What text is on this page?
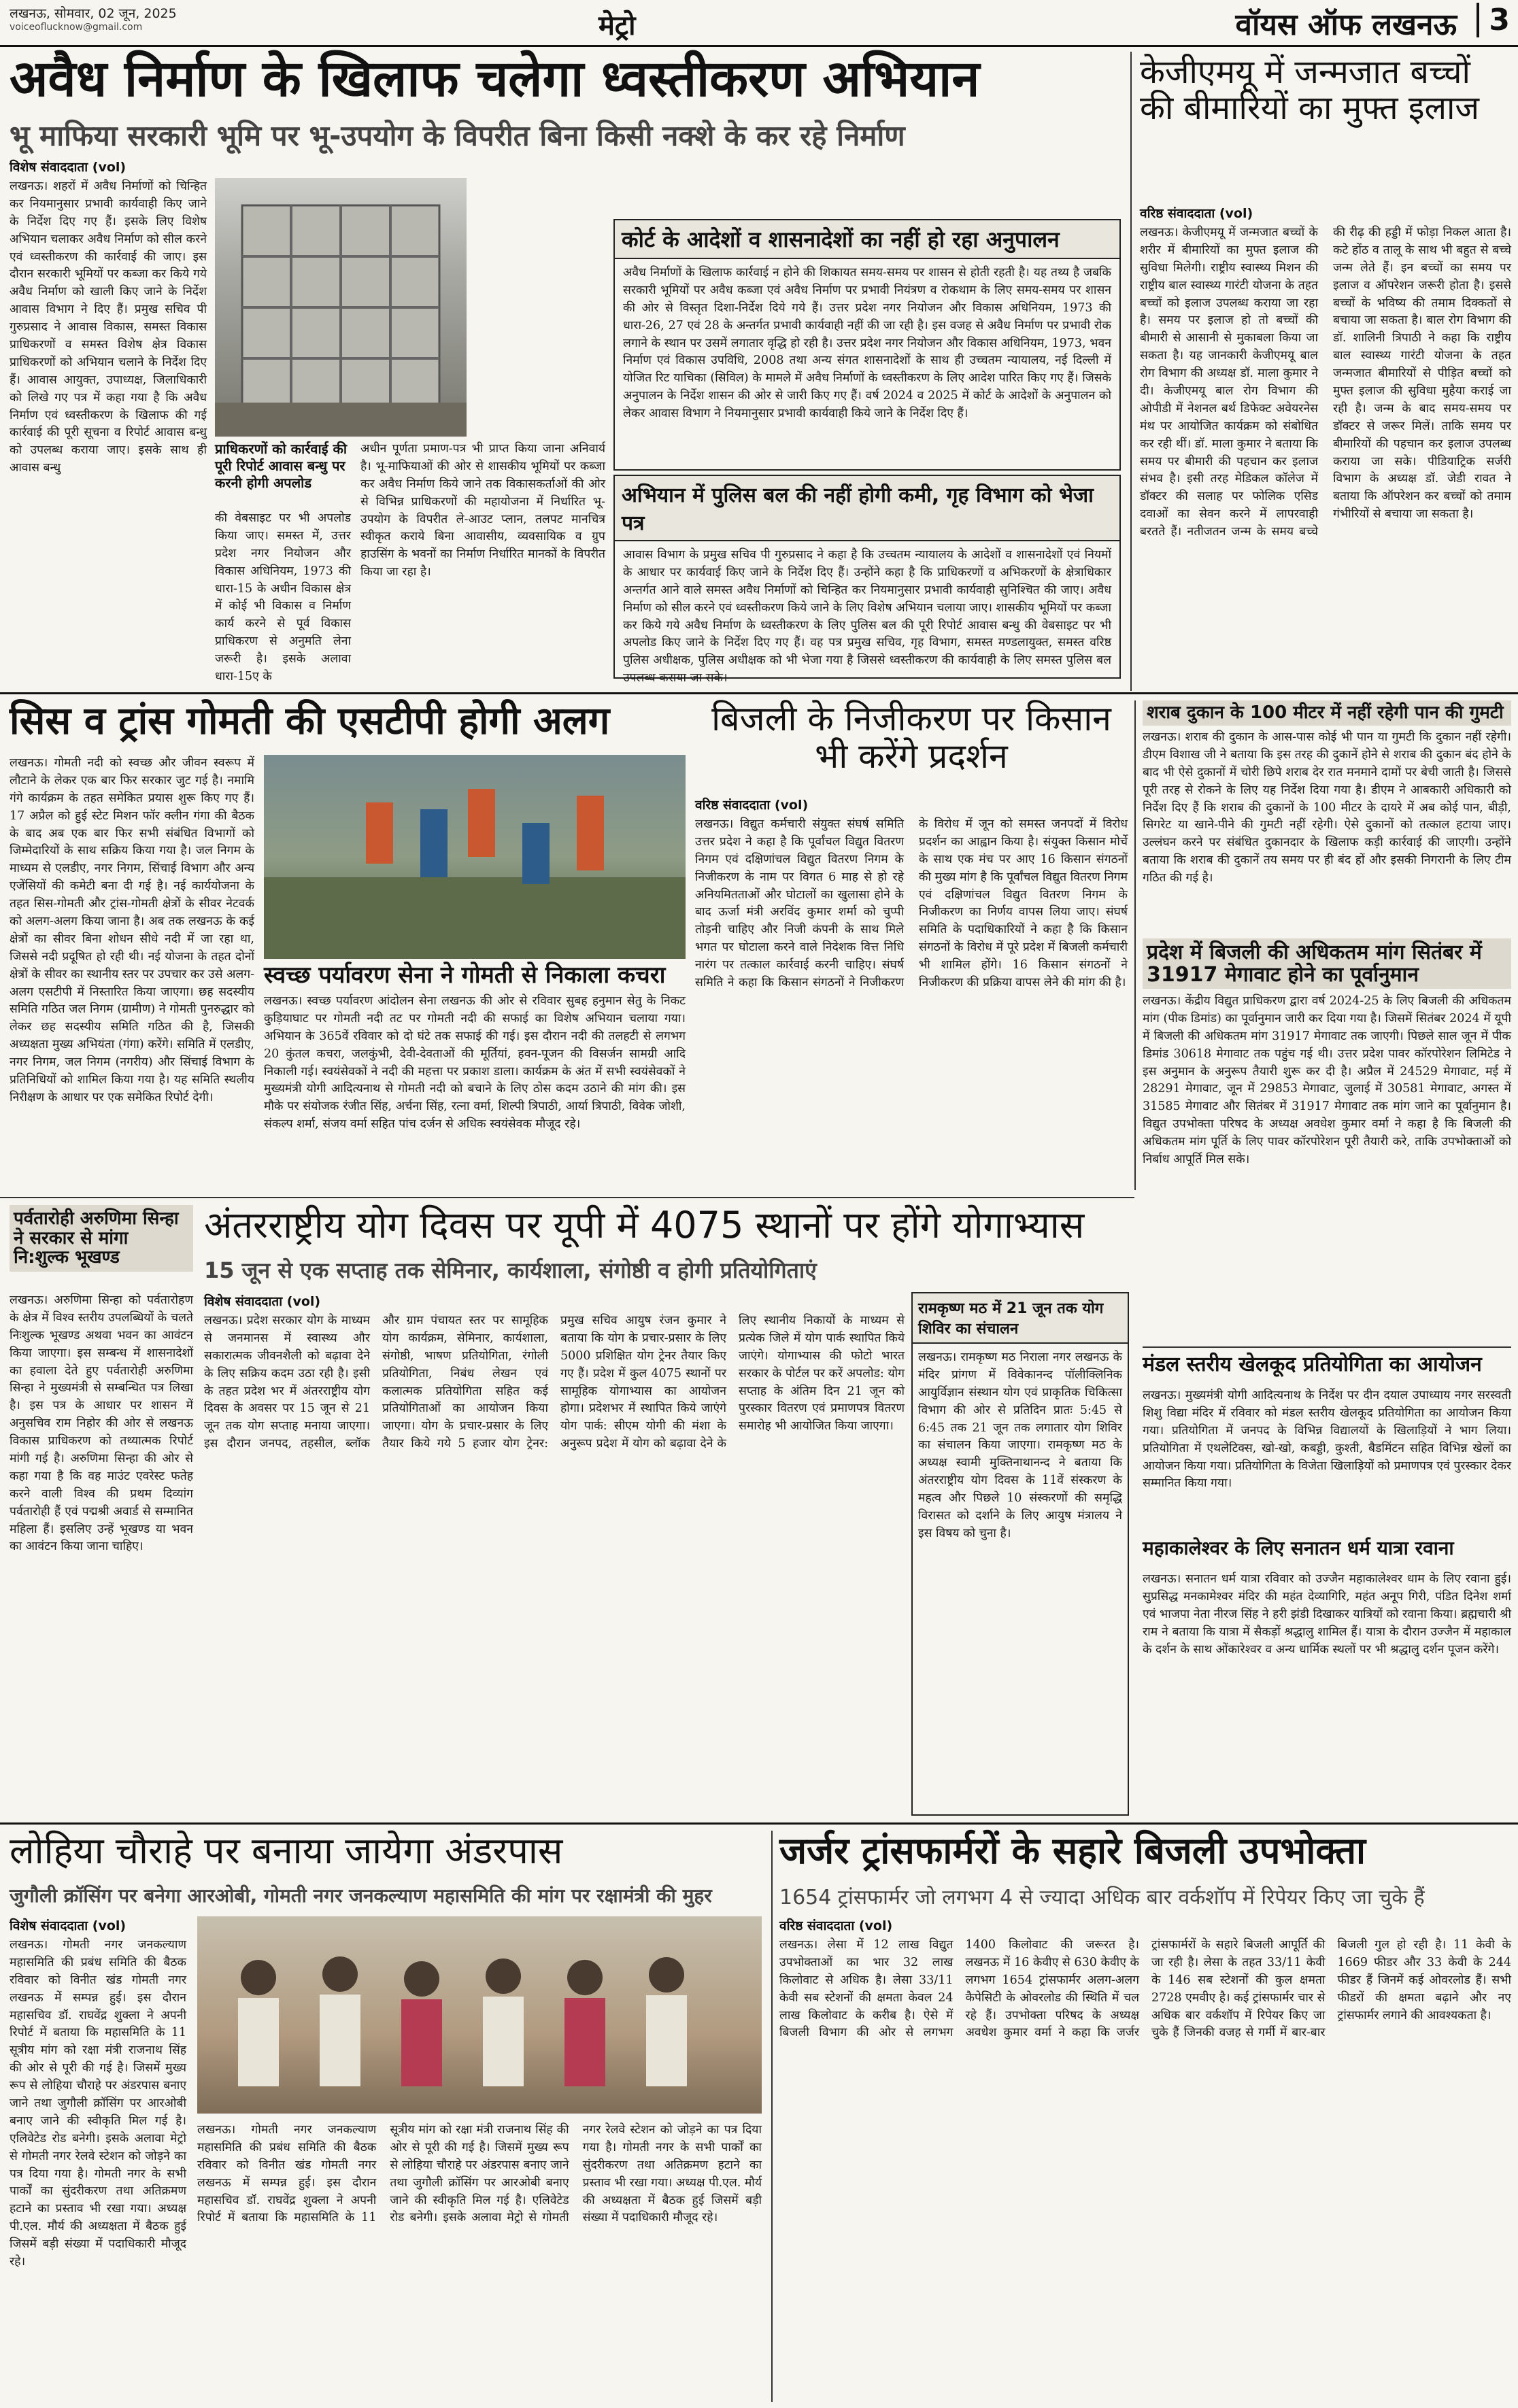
लखनऊ, सोमवार, 02 जून, 2025
voiceoflucknow@gmail.com	मेट्रो	वॉयस ऑफ लखनऊ	3
अवैध निर्माण के खिलाफ चलेगा ध्वस्तीकरण अभियान
भू माफिया सरकारी भूमि पर भू-उपयोग के विपरीत बिना किसी नक्शे के कर रहे निर्माण
विशेष संवाददाता (vol)
लखनऊ। शहरों में अवैध निर्माणों को चिन्हित कर नियमानुसार प्रभावी कार्यवाही किए जाने के निर्देश दिए गए हैं। इसके लिए विशेष अभियान चलाकर अवैध निर्माण को सील करने एवं ध्वस्तीकरण की कार्रवाई की जाए। इस दौरान सरकारी भूमियों पर कब्जा कर किये गये अवैध निर्माण को खाली किए जाने के निर्देश आवास विभाग ने दिए हैं। प्रमुख सचिव पी गुरुप्रसाद ने आवास विकास, समस्त विकास प्राधिकरणों व समस्त विशेष क्षेत्र विकास प्राधिकरणों को अभियान चलाने के निर्देश दिए हैं। आवास आयुक्त, उपाध्यक्ष, जिलाधिकारी को लिखे गए पत्र में कहा गया है कि अवैध निर्माण एवं ध्वस्तीकरण के खिलाफ की गई कार्रवाई की पूरी सूचना व रिपोर्ट आवास बन्धु को उपलब्ध कराया जाए। इसके साथ ही आवास बन्धु
प्राधिकरणों को कार्रवाई की पूरी रिपोर्ट आवास बन्धु पर करनी होगी अपलोड
की वेबसाइट पर भी अपलोड किया जाए। समस्त में, उत्तर प्रदेश नगर नियोजन और विकास अधिनियम, 1973 की धारा-15 के अधीन विकास क्षेत्र में कोई भी विकास व निर्माण कार्य करने से पूर्व विकास प्राधिकरण से अनुमति लेना जरूरी है। इसके अलावा धारा-15ए के
अधीन पूर्णता प्रमाण-पत्र भी प्राप्त किया जाना अनिवार्य है। भू-माफियाओं की ओर से शासकीय भूमियों पर कब्जा कर अवैध निर्माण किये जाने तक विकासकर्ताओं की ओर से विभिन्न प्राधिकरणों की महायोजना में निर्धारित भू-उपयोग के विपरीत ले-आउट प्लान, तलपट मानचित्र स्वीकृत कराये बिना आवासीय, व्यवसायिक व ग्रुप हाउसिंग के भवनों का निर्माण निर्धारित मानकों के विपरीत किया जा रहा है।
कोर्ट के आदेशों व शासनादेशों का नहीं हो रहा अनुपालन
अवैध निर्माणों के खिलाफ कार्रवाई न होने की शिकायत समय-समय पर शासन से होती रहती है। यह तथ्य है जबकि सरकारी भूमियों पर अवैध कब्जा एवं अवैध निर्माण पर प्रभावी नियंत्रण व रोकथाम के लिए समय-समय पर शासन की ओर से विस्तृत दिशा-निर्देश दिये गये हैं। उत्तर प्रदेश नगर नियोजन और विकास अधिनियम, 1973 की धारा-26, 27 एवं 28 के अन्तर्गत प्रभावी कार्यवाही नहीं की जा रही है। इस वजह से अवैध निर्माण पर प्रभावी रोक लगाने के स्थान पर उसमें लगातार वृद्धि हो रही है। उत्तर प्रदेश नगर नियोजन और विकास अधिनियम, 1973, भवन निर्माण एवं विकास उपविधि, 2008 तथा अन्य संगत शासनादेशों के साथ ही उच्चतम न्यायालय, नई दिल्ली में योजित रिट याचिका (सिविल) के मामले में अवैध निर्माणों के ध्वस्तीकरण के लिए आदेश पारित किए गए हैं। जिसके अनुपालन के निर्देश शासन की ओर से जारी किए गए हैं। वर्ष 2024 व 2025 में कोर्ट के आदेशों के अनुपालन को लेकर आवास विभाग ने नियमानुसार प्रभावी कार्यवाही किये जाने के निर्देश दिए हैं।
अभियान में पुलिस बल की नहीं होगी कमी, गृह विभाग को भेजा पत्र
आवास विभाग के प्रमुख सचिव पी गुरुप्रसाद ने कहा है कि उच्चतम न्यायालय के आदेशों व शासनादेशों एवं नियमों के आधार पर कार्यवाई किए जाने के निर्देश दिए हैं। उन्होंने कहा है कि प्राधिकरणों व अभिकरणों के क्षेत्राधिकार अन्तर्गत आने वाले समस्त अवैध निर्माणों को चिन्हित कर नियमानुसार प्रभावी कार्यवाही सुनिश्चित की जाए। अवैध निर्माण को सील करने एवं ध्वस्तीकरण किये जाने के लिए विशेष अभियान चलाया जाए। शासकीय भूमियों पर कब्जा कर किये गये अवैध निर्माण के ध्वस्तीकरण के लिए पुलिस बल की पूरी रिपोर्ट आवास बन्धु की वेबसाइट पर भी अपलोड किए जाने के निर्देश दिए गए हैं। वह पत्र प्रमुख सचिव, गृह विभाग, समस्त मण्डलायुक्त, समस्त वरिष्ठ पुलिस अधीक्षक, पुलिस अधीक्षक को भी भेजा गया है जिससे ध्वस्तीकरण की कार्यवाही के लिए समस्त पुलिस बल उपलब्ध कराया जा सके।
केजीएमयू में जन्मजात बच्चों की बीमारियों का मुफ्त इलाज
वरिष्ठ संवाददाता (vol)
लखनऊ। केजीएमयू में जन्मजात बच्चों के शरीर में बीमारियों का मुफ्त इलाज की सुविधा मिलेगी। राष्ट्रीय स्वास्थ्य मिशन की राष्ट्रीय बाल स्वास्थ्य गारंटी योजना के तहत बच्चों को इलाज उपलब्ध कराया जा रहा है। समय पर इलाज हो तो बच्चों की बीमारी से आसानी से मुकाबला किया जा सकता है। यह जानकारी केजीएमयू बाल रोग विभाग की अध्यक्ष डॉ. माला कुमार ने दी। केजीएमयू बाल रोग विभाग की ओपीडी में नेशनल बर्थ डिफेक्ट अवेयरनेस मंथ पर आयोजित कार्यक्रम को संबोधित कर रही थीं। डॉ. माला कुमार ने बताया कि समय पर बीमारी की पहचान कर इलाज संभव है। इसी तरह मेडिकल कॉलेज में डॉक्टर की सलाह पर फोलिक एसिड दवाओं का सेवन करने में लापरवाही बरतते हैं। नतीजतन जन्म के समय बच्चे की रीढ़ की हड्डी में फोड़ा निकल आता है। कटे होंठ व तालू के साथ भी बहुत से बच्चे जन्म लेते हैं। इन बच्चों का समय पर इलाज व ऑपरेशन जरूरी होता है। इससे बच्चों के भविष्य की तमाम दिक्कतों से बचाया जा सकता है। बाल रोग विभाग की डॉ. शालिनी त्रिपाठी ने कहा कि राष्ट्रीय बाल स्वास्थ्य गारंटी योजना के तहत जन्मजात बीमारियों से पीड़ित बच्चों को मुफ्त इलाज की सुविधा मुहैया कराई जा रही है। जन्म के बाद समय-समय पर डॉक्टर से जरूर मिलें। ताकि समय पर बीमारियों की पहचान कर इलाज उपलब्ध कराया जा सके। पीडियाट्रिक सर्जरी विभाग के अध्यक्ष डॉ. जेडी रावत ने बताया कि ऑपरेशन कर बच्चों को तमाम गंभीरियों से बचाया जा सकता है।
सिस व ट्रांस गोमती की एसटीपी होगी अलग
लखनऊ। गोमती नदी को स्वच्छ और जीवन स्वरूप में लौटाने के लेकर एक बार फिर सरकार जुट गई है। नमामि गंगे कार्यक्रम के तहत समेकित प्रयास शुरू किए गए हैं। 17 अप्रैल को हुई स्टेट मिशन फॉर क्लीन गंगा की बैठक के बाद अब एक बार फिर सभी संबंधित विभागों को जिम्मेदारियों के साथ सक्रिय किया गया है। जल निगम के माध्यम से एलडीए, नगर निगम, सिंचाई विभाग और अन्य एजेंसियों की कमेटी बना दी गई है। नई कार्ययोजना के तहत सिस-गोमती और ट्रांस-गोमती क्षेत्रों के सीवर नेटवर्क को अलग-अलग किया जाना है। अब तक लखनऊ के कई क्षेत्रों का सीवर बिना शोधन सीधे नदी में जा रहा था, जिससे नदी प्रदूषित हो रही थी। नई योजना के तहत दोनों क्षेत्रों के सीवर का स्थानीय स्तर पर उपचार कर उसे अलग-अलग एसटीपी में निस्तारित किया जाएगा। छह सदस्यीय समिति गठित जल निगम (ग्रामीण) ने गोमती पुनरुद्धार को लेकर छह सदस्यीय समिति गठित की है, जिसकी अध्यक्षता मुख्य अभियंता (गंगा) करेंगे। समिति में एलडीए, नगर निगम, जल निगम (नगरीय) और सिंचाई विभाग के प्रतिनिधियों को शामिल किया गया है। यह समिति स्थलीय निरीक्षण के आधार पर एक समेकित रिपोर्ट देगी।
स्वच्छ पर्यावरण सेना ने गोमती से निकाला कचरा
लखनऊ। स्वच्छ पर्यावरण आंदोलन सेना लखनऊ की ओर से रविवार सुबह हनुमान सेतु के निकट कुड़ियाघाट पर गोमती नदी तट पर गोमती नदी की सफाई का विशेष अभियान चलाया गया। अभियान के 365वें रविवार को दो घंटे तक सफाई की गई। इस दौरान नदी की तलहटी से लगभग 20 कुंतल कचरा, जलकुंभी, देवी-देवताओं की मूर्तियां, हवन-पूजन की विसर्जन सामग्री आदि निकाली गई। स्वयंसेवकों ने नदी की महत्ता पर प्रकाश डाला। कार्यक्रम के अंत में सभी स्वयंसेवकों ने मुख्यमंत्री योगी आदित्यनाथ से गोमती नदी को बचाने के लिए ठोस कदम उठाने की मांग की। इस मौके पर संयोजक रंजीत सिंह, अर्चना सिंह, रत्ना वर्मा, शिल्पी त्रिपाठी, आर्या त्रिपाठी, विवेक जोशी, संकल्प शर्मा, संजय वर्मा सहित पांच दर्जन से अधिक स्वयंसेवक मौजूद रहे।
बिजली के निजीकरण पर किसान भी करेंगे प्रदर्शन
वरिष्ठ संवाददाता (vol)
लखनऊ। विद्युत कर्मचारी संयुक्त संघर्ष समिति उत्तर प्रदेश ने कहा है कि पूर्वांचल विद्युत वितरण निगम एवं दक्षिणांचल विद्युत वितरण निगम के निजीकरण के नाम पर विगत 6 माह से हो रहे अनियमितताओं और घोटालों का खुलासा होने के बाद ऊर्जा मंत्री अरविंद कुमार शर्मा को चुप्पी तोड़नी चाहिए और निजी कंपनी के साथ मिले भगत पर घोटाला करने वाले निदेशक वित्त निधि नारंग पर तत्काल कार्रवाई करनी चाहिए। संघर्ष समिति ने कहा कि किसान संगठनों ने निजीकरण के विरोध में जून को समस्त जनपदों में विरोध प्रदर्शन का आह्वान किया है। संयुक्त किसान मोर्चे के साथ एक मंच पर आए 16 किसान संगठनों की मुख्य मांग है कि पूर्वांचल विद्युत वितरण निगम एवं दक्षिणांचल विद्युत वितरण निगम के निजीकरण का निर्णय वापस लिया जाए। संघर्ष समिति के पदाधिकारियों ने कहा है कि किसान संगठनों के विरोध में पूरे प्रदेश में बिजली कर्मचारी भी शामिल होंगे। 16 किसान संगठनों ने निजीकरण की प्रक्रिया वापस लेने की मांग की है।
शराब दुकान के 100 मीटर में नहीं रहेगी पान की गुमटी
लखनऊ। शराब की दुकान के आस-पास कोई भी पान या गुमटी कि दुकान नहीं रहेगी। डीएम विशाख जी ने बताया कि इस तरह की दुकानें होने से शराब की दुकान बंद होने के बाद भी ऐसे दुकानों में चोरी छिपे शराब देर रात मनमाने दामों पर बेची जाती है। जिससे पूरी तरह से रोकने के लिए यह निर्देश दिया गया है। डीएम ने आबकारी अधिकारी को निर्देश दिए हैं कि शराब की दुकानों के 100 मीटर के दायरे में अब कोई पान, बीड़ी, सिगरेट या खाने-पीने की गुमटी नहीं रहेगी। ऐसे दुकानों को तत्काल हटाया जाए। उल्लंघन करने पर संबंधित दुकानदार के खिलाफ कड़ी कार्रवाई की जाएगी। उन्होंने बताया कि शराब की दुकानें तय समय पर ही बंद हों और इसकी निगरानी के लिए टीम गठित की गई है।
प्रदेश में बिजली की अधिकतम मांग सितंबर में 31917 मेगावाट होने का पूर्वानुमान
लखनऊ। केंद्रीय विद्युत प्राधिकरण द्वारा वर्ष 2024-25 के लिए बिजली की अधिकतम मांग (पीक डिमांड) का पूर्वानुमान जारी कर दिया गया है। जिसमें सितंबर 2024 में यूपी में बिजली की अधिकतम मांग 31917 मेगावाट तक जाएगी। पिछले साल जून में पीक डिमांड 30618 मेगावाट तक पहुंच गई थी। उत्तर प्रदेश पावर कॉरपोरेशन लिमिटेड ने इस अनुमान के अनुरूप तैयारी शुरू कर दी है। अप्रैल में 24529 मेगावाट, मई में 28291 मेगावाट, जून में 29853 मेगावाट, जुलाई में 30581 मेगावाट, अगस्त में 31585 मेगावाट और सितंबर में 31917 मेगावाट तक मांग जाने का पूर्वानुमान है। विद्युत उपभोक्ता परिषद के अध्यक्ष अवधेश कुमार वर्मा ने कहा है कि बिजली की अधिकतम मांग पूर्ति के लिए पावर कॉरपोरेशन पूरी तैयारी करे, ताकि उपभोक्ताओं को निर्बाध आपूर्ति मिल सके।
पर्वतारोही अरुणिमा सिन्हा ने सरकार से मांगा नि:शुल्क भूखण्ड
लखनऊ। अरुणिमा सिन्हा को पर्वतारोहण के क्षेत्र में विश्व स्तरीय उपलब्धियों के चलते निःशुल्क भूखण्ड अथवा भवन का आवंटन किया जाएगा। इस सम्बन्ध में शासनादेशों का हवाला देते हुए पर्वतारोही अरुणिमा सिन्हा ने मुख्यमंत्री से सम्बन्धित पत्र लिखा है। इस पत्र के आधार पर शासन में अनुसचिव राम निहोर की ओर से लखनऊ विकास प्राधिकरण को तथ्यात्मक रिपोर्ट मांगी गई है। अरुणिमा सिन्हा की ओर से कहा गया है कि वह माउंट एवरेस्ट फतेह करने वाली विश्व की प्रथम दिव्यांग पर्वतारोही हैं एवं पद्मश्री अवार्ड से सम्मानित महिला हैं। इसलिए उन्हें भूखण्ड या भवन का आवंटन किया जाना चाहिए।
अंतरराष्ट्रीय योग दिवस पर यूपी में 4075 स्थानों पर होंगे योगाभ्यास
15 जून से एक सप्ताह तक सेमिनार, कार्यशाला, संगोष्ठी व होगी प्रतियोगिताएं
विशेष संवाददाता (vol)
लखनऊ। प्रदेश सरकार योग के माध्यम से जनमानस में स्वास्थ्य और सकारात्मक जीवनशैली को बढ़ावा देने के लिए सक्रिय कदम उठा रही है। इसी के तहत प्रदेश भर में अंतरराष्ट्रीय योग दिवस के अवसर पर 15 जून से 21 जून तक योग सप्ताह मनाया जाएगा। इस दौरान जनपद, तहसील, ब्लॉक और ग्राम पंचायत स्तर पर सामूहिक योग कार्यक्रम, सेमिनार, कार्यशाला, संगोष्ठी, भाषण प्रतियोगिता, रंगोली प्रतियोगिता, निबंध लेखन एवं कलात्मक प्रतियोगिता सहित कई प्रतियोगिताओं का आयोजन किया जाएगा। योग के प्रचार-प्रसार के लिए तैयार किये गये 5 हजार योग ट्रेनर: प्रमुख सचिव आयुष रंजन कुमार ने बताया कि योग के प्रचार-प्रसार के लिए 5000 प्रशिक्षित योग ट्रेनर तैयार किए गए हैं। प्रदेश में कुल 4075 स्थानों पर सामूहिक योगाभ्यास का आयोजन होगा। प्रदेशभर में स्थापित किये जाएंगे योग पार्क: सीएम योगी की मंशा के अनुरूप प्रदेश में योग को बढ़ावा देने के लिए स्थानीय निकायों के माध्यम से प्रत्येक जिले में योग पार्क स्थापित किये जाएंगे। योगाभ्यास की फोटो भारत सरकार के पोर्टल पर करें अपलोड: योग सप्ताह के अंतिम दिन 21 जून को पुरस्कार वितरण एवं प्रमाणपत्र वितरण समारोह भी आयोजित किया जाएगा।
रामकृष्ण मठ में 21 जून तक योग शिविर का संचालन
लखनऊ। रामकृष्ण मठ निराला नगर लखनऊ के मंदिर प्रांगण में विवेकानन्द पॉलीक्लिनिक आयुर्विज्ञान संस्थान योग एवं प्राकृतिक चिकित्सा विभाग की ओर से प्रतिदिन प्रातः 5:45 से 6:45 तक 21 जून तक लगातार योग शिविर का संचालन किया जाएगा। रामकृष्ण मठ के अध्यक्ष स्वामी मुक्तिनाथानन्द ने बताया कि अंतरराष्ट्रीय योग दिवस के 11वें संस्करण के महत्व और पिछले 10 संस्करणों की समृद्धि विरासत को दर्शाने के लिए आयुष मंत्रालय ने इस विषय को चुना है।
मंडल स्तरीय खेलकूद प्रतियोगिता का आयोजन
लखनऊ। मुख्यमंत्री योगी आदित्यनाथ के निर्देश पर दीन दयाल उपाध्याय नगर सरस्वती शिशु विद्या मंदिर में रविवार को मंडल स्तरीय खेलकूद प्रतियोगिता का आयोजन किया गया। प्रतियोगिता में जनपद के विभिन्न विद्यालयों के खिलाड़ियों ने भाग लिया। प्रतियोगिता में एथलेटिक्स, खो-खो, कबड्डी, कुश्ती, बैडमिंटन सहित विभिन्न खेलों का आयोजन किया गया। प्रतियोगिता के विजेता खिलाड़ियों को प्रमाणपत्र एवं पुरस्कार देकर सम्मानित किया गया।
महाकालेश्वर के लिए सनातन धर्म यात्रा रवाना
लखनऊ। सनातन धर्म यात्रा रविवार को उज्जैन महाकालेश्वर धाम के लिए रवाना हुई। सुप्रसिद्ध मनकामेश्वर मंदिर की महंत देव्यागिरि, महंत अनूप गिरी, पंडित दिनेश शर्मा एवं भाजपा नेता नीरज सिंह ने हरी झंडी दिखाकर यात्रियों को रवाना किया। ब्रह्मचारी श्री राम ने बताया कि यात्रा में सैकड़ों श्रद्धालु शामिल हैं। यात्रा के दौरान उज्जैन में महाकाल के दर्शन के साथ ओंकारेश्वर व अन्य धार्मिक स्थलों पर भी श्रद्धालु दर्शन पूजन करेंगे।
लोहिया चौराहे पर बनाया जायेगा अंडरपास
जुगौली क्रॉसिंग पर बनेगा आरओबी, गोमती नगर जनकल्याण महासमिति की मांग पर रक्षामंत्री की मुहर
विशेष संवाददाता (vol)
लखनऊ। गोमती नगर जनकल्याण महासमिति की प्रबंध समिति की बैठक रविवार को विनीत खंड गोमती नगर लखनऊ में सम्पन्न हुई। इस दौरान महासचिव डॉ. राघवेंद्र शुक्ला ने अपनी रिपोर्ट में बताया कि महासमिति के 11 सूत्रीय मांग को रक्षा मंत्री राजनाथ सिंह की ओर से पूरी की गई है। जिसमें मुख्य रूप से लोहिया चौराहे पर अंडरपास बनाए जाने तथा जुगौली क्रॉसिंग पर आरओबी बनाए जाने की स्वीकृति मिल गई है। एलिवेटेड रोड बनेगी। इसके अलावा मेट्रो से गोमती नगर रेलवे स्टेशन को जोड़ने का पत्र दिया गया है। गोमती नगर के सभी पार्कों का सुंदरीकरण तथा अतिक्रमण हटाने का प्रस्ताव भी रखा गया। अध्यक्ष पी.एल. मौर्य की अध्यक्षता में बैठक हुई जिसमें बड़ी संख्या में पदाधिकारी मौजूद रहे।
लखनऊ। गोमती नगर जनकल्याण महासमिति की प्रबंध समिति की बैठक रविवार को विनीत खंड गोमती नगर लखनऊ में सम्पन्न हुई। इस दौरान महासचिव डॉ. राघवेंद्र शुक्ला ने अपनी रिपोर्ट में बताया कि महासमिति के 11 सूत्रीय मांग को रक्षा मंत्री राजनाथ सिंह की ओर से पूरी की गई है। जिसमें मुख्य रूप से लोहिया चौराहे पर अंडरपास बनाए जाने तथा जुगौली क्रॉसिंग पर आरओबी बनाए जाने की स्वीकृति मिल गई है। एलिवेटेड रोड बनेगी। इसके अलावा मेट्रो से गोमती नगर रेलवे स्टेशन को जोड़ने का पत्र दिया गया है। गोमती नगर के सभी पार्कों का सुंदरीकरण तथा अतिक्रमण हटाने का प्रस्ताव भी रखा गया। अध्यक्ष पी.एल. मौर्य की अध्यक्षता में बैठक हुई जिसमें बड़ी संख्या में पदाधिकारी मौजूद रहे।
जर्जर ट्रांसफार्मरों के सहारे बिजली उपभोक्ता
1654 ट्रांसफार्मर जो लगभग 4 से ज्यादा अधिक बार वर्कशॉप में रिपेयर किए जा चुके हैं
वरिष्ठ संवाददाता (vol)
लखनऊ। लेसा में 12 लाख विद्युत उपभोक्ताओं का भार 32 लाख किलोवाट से अधिक है। लेसा 33/11 केवी सब स्टेशनों की क्षमता केवल 24 लाख किलोवाट के करीब है। ऐसे में बिजली विभाग की ओर से लगभग 1400 किलोवाट की जरूरत है। लखनऊ में 16 केवीए से 630 केवीए के लगभग 1654 ट्रांसफार्मर अलग-अलग कैपेसिटी के ओवरलोड की स्थिति में चल रहे हैं। उपभोक्ता परिषद के अध्यक्ष अवधेश कुमार वर्मा ने कहा कि जर्जर ट्रांसफार्मरों के सहारे बिजली आपूर्ति की जा रही है। लेसा के तहत 33/11 केवी के 146 सब स्टेशनों की कुल क्षमता 2728 एमवीए है। कई ट्रांसफार्मर चार से अधिक बार वर्कशॉप में रिपेयर किए जा चुके हैं जिनकी वजह से गर्मी में बार-बार बिजली गुल हो रही है। 11 केवी के 1669 फीडर और 33 केवी के 244 फीडर हैं जिनमें कई ओवरलोड हैं। सभी फीडरों की क्षमता बढ़ाने और नए ट्रांसफार्मर लगाने की आवश्यकता है।
